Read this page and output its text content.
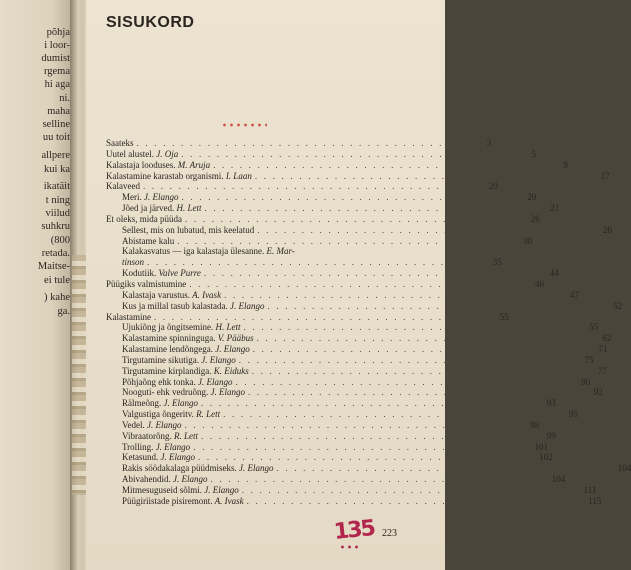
põhja
i loor-
dumist
rgema
hi aga
ni.
maha
selline
uu toit
allpere
kui ka
ikatäit
t ning
viilud
suhkru
(800
retada.
Maitse-
ei tule
) kahe
ga.
SISUKORD
Saateks . . .	3
Uutel alustel. J. Oja . . .	5
Kalastaja looduses. M. Aruja . . .	9
Kalastamine karastab organismi. I. Laan . . .	17
Kalaveed . . .	20
Meri. J. Elango . . .	20
Jõed ja järved. H. Lett . . .	21
Et oleks, mida püüda . . .	26
Sellest, mis on lubatud, mis keelatud . . .	26
Abistame kalu . . .	30
Kalakasvatus — iga kalastaja ülesanne. E. Mar-
tinson . . .	35
Kodutiik. Valve Purre . . .	44
Püügiks valmistumine . . .	46
Kalastaja varustus. A. Ivask . . .	47
Kus ja millal tasub kalastada. J. Elango . . .	52
Kalastamine . . .	55
Ujukiõng ja õngitsemine. H. Lett . . .	55
Kalastamine spinninguga. V. Pääbus . . .	62
Kalastamine lendõngega. J. Elango . . .	71
Tirgutamine sikutiga. J. Elango . . .	75
Tirgutamine kirplandiga. K. Eiduks . . .	77
Põhjaõng ehk tonka. J. Elango . . .	90
Nooguti- ehk vedruõng. J. Elango . . .	92
Rälmeõng. J. Elango . . .	93
Valgustiga õngeritv. R. Lett . . .	95
Vedel. J. Elango . . .	98
Vibraatorõng. R. Lett . . .	99
Trolling. J. Elango . . .	101
Ketasund. J. Elango . . .	102
Rakis söödakalaga püüdmiseks. J. Elango . . .	104
Abivahendid. J. Elango . . .	104
Mitmesuguseid sõlmi. J. Elango . . .	111
Püügiriistade pisiremont. A. Ivask . . .	115
135 223
